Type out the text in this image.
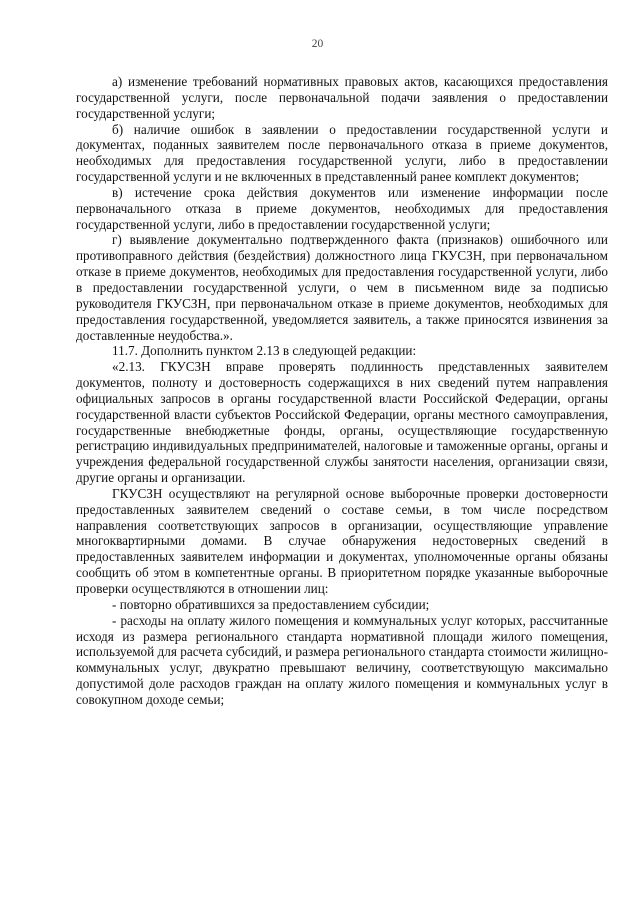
20

а) изменение требований нормативных правовых актов, касающихся предоставления государственной услуги, после первоначальной подачи заявления о предоставлении государственной услуги;

б) наличие ошибок в заявлении о предоставлении государственной услуги и документах, поданных заявителем после первоначального отказа в приеме документов, необходимых для предоставления государственной услуги, либо в предоставлении государственной услуги и не включенных в представленный ранее комплект документов;

в) истечение срока действия документов или изменение информации после первоначального отказа в приеме документов, необходимых для предоставления государственной услуги, либо в предоставлении государственной услуги;

г) выявление документально подтвержденного факта (признаков) ошибочного или противоправного действия (бездействия) должностного лица ГКУСЗН, при первоначальном отказе в приеме документов, необходимых для предоставления государственной услуги, либо в предоставлении государственной услуги, о чем в письменном виде за подписью руководителя ГКУСЗН, при первоначальном отказе в приеме документов, необходимых для предоставления государственной, уведомляется заявитель, а также приносятся извинения за доставленные неудобства.».

11.7. Дополнить пунктом 2.13 в следующей редакции:

«2.13. ГКУСЗН вправе проверять подлинность представленных заявителем документов, полноту и достоверность содержащихся в них сведений путем направления официальных запросов в органы государственной власти Российской Федерации, органы государственной власти субъектов Российской Федерации, органы местного самоуправления, государственные внебюджетные фонды, органы, осуществляющие государственную регистрацию индивидуальных предпринимателей, налоговые и таможенные органы, органы и учреждения федеральной государственной службы занятости населения, организации связи, другие органы и организации.

ГКУСЗН осуществляют на регулярной основе выборочные проверки достоверности предоставленных заявителем сведений о составе семьи, в том числе посредством направления соответствующих запросов в организации, осуществляющие управление многоквартирными домами. В случае обнаружения недостоверных сведений в предоставленных заявителем информации и документах, уполномоченные органы обязаны сообщить об этом в компетентные органы. В приоритетном порядке указанные выборочные проверки осуществляются в отношении лиц:

- повторно обратившихся за предоставлением субсидии;

- расходы на оплату жилого помещения и коммунальных услуг которых, рассчитанные исходя из размера регионального стандарта нормативной площади жилого помещения, используемой для расчета субсидий, и размера регионального стандарта стоимости жилищно-коммунальных услуг, двукратно превышают величину, соответствующую максимально допустимой доле расходов граждан на оплату жилого помещения и коммунальных услуг в совокупном доходе семьи;
